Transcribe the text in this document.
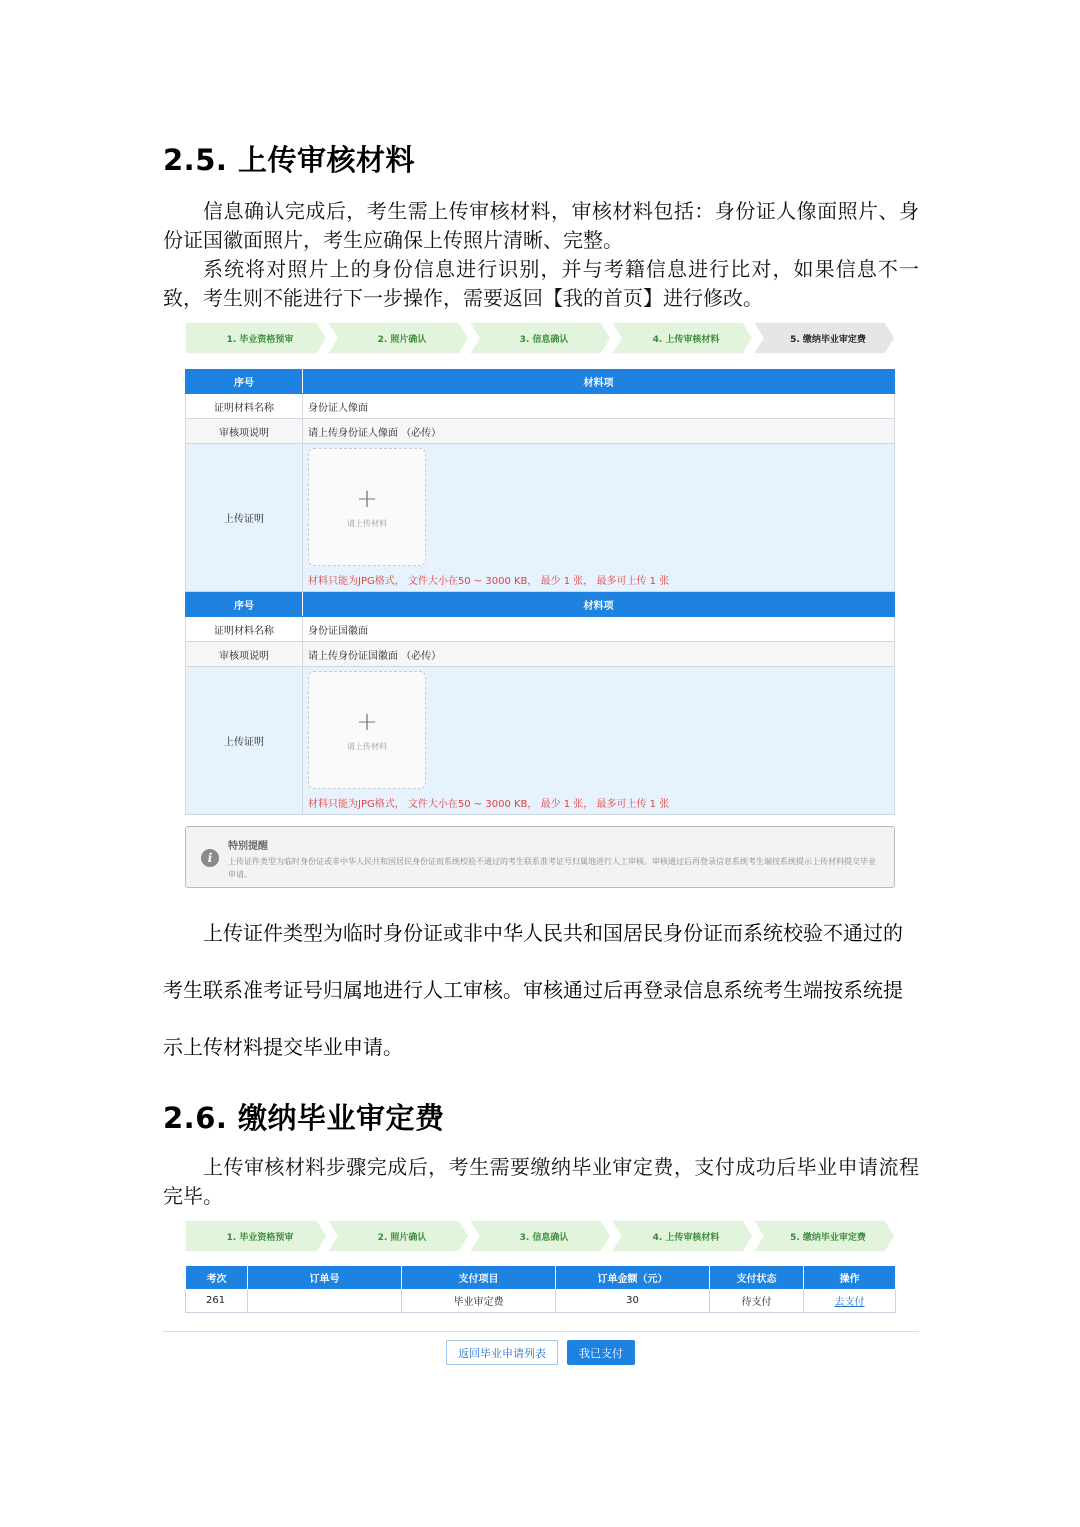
2.5. 上传审核材料

信息确认完成后，考生需上传审核材料，审核材料包括：身份证人像面照片、身份证国徽面照片，考生应确保上传照片清晰、完整。

系统将对照片上的身份信息进行识别，并与考籍信息进行比对，如果信息不一致，考生则不能进行下一步操作，需要返回【我的首页】进行修改。

1. 毕业资格预审	2. 照片确认	3. 信息确认	4. 上传审核材料	5. 缴纳毕业审定费
序号	材料项
证明材料名称	身份证人像面
审核项说明	请上传身份证人像面 （必传）
上传证明
+
请上传材料
材料只能为JPG格式， 文件大小在50 ~ 3000 KB， 最少 1 张， 最多可上传 1 张
序号	材料项
证明材料名称	身份证国徽面
审核项说明	请上传身份证国徽面 （必传）
上传证明
+
请上传材料
材料只能为JPG格式， 文件大小在50 ~ 3000 KB， 最少 1 张， 最多可上传 1 张
i
特别提醒
上传证件类型为临时身份证或非中华人民共和国居民身份证而系统校验不通过的考生联系准考证号归属地进行人工审核。审核通过后再登录信息系统考生端按系统提示上传材料提交毕业申请。
上传证件类型为临时身份证或非中华人民共和国居民身份证而系统校验不通过的考生联系准考证号归属地进行人工审核。审核通过后再登录信息系统考生端按系统提示上传材料提交毕业申请。
2.6. 缴纳毕业审定费

上传审核材料步骤完成后，考生需要缴纳毕业审定费，支付成功后毕业申请流程完毕。

1. 毕业资格预审	2. 照片确认	3. 信息确认	4. 上传审核材料	5. 缴纳毕业审定费
考次	订单号	支付项目	订单金额（元）	支付状态	操作
261		毕业审定费	30	待支付	去支付
返回毕业申请列表	我已支付
